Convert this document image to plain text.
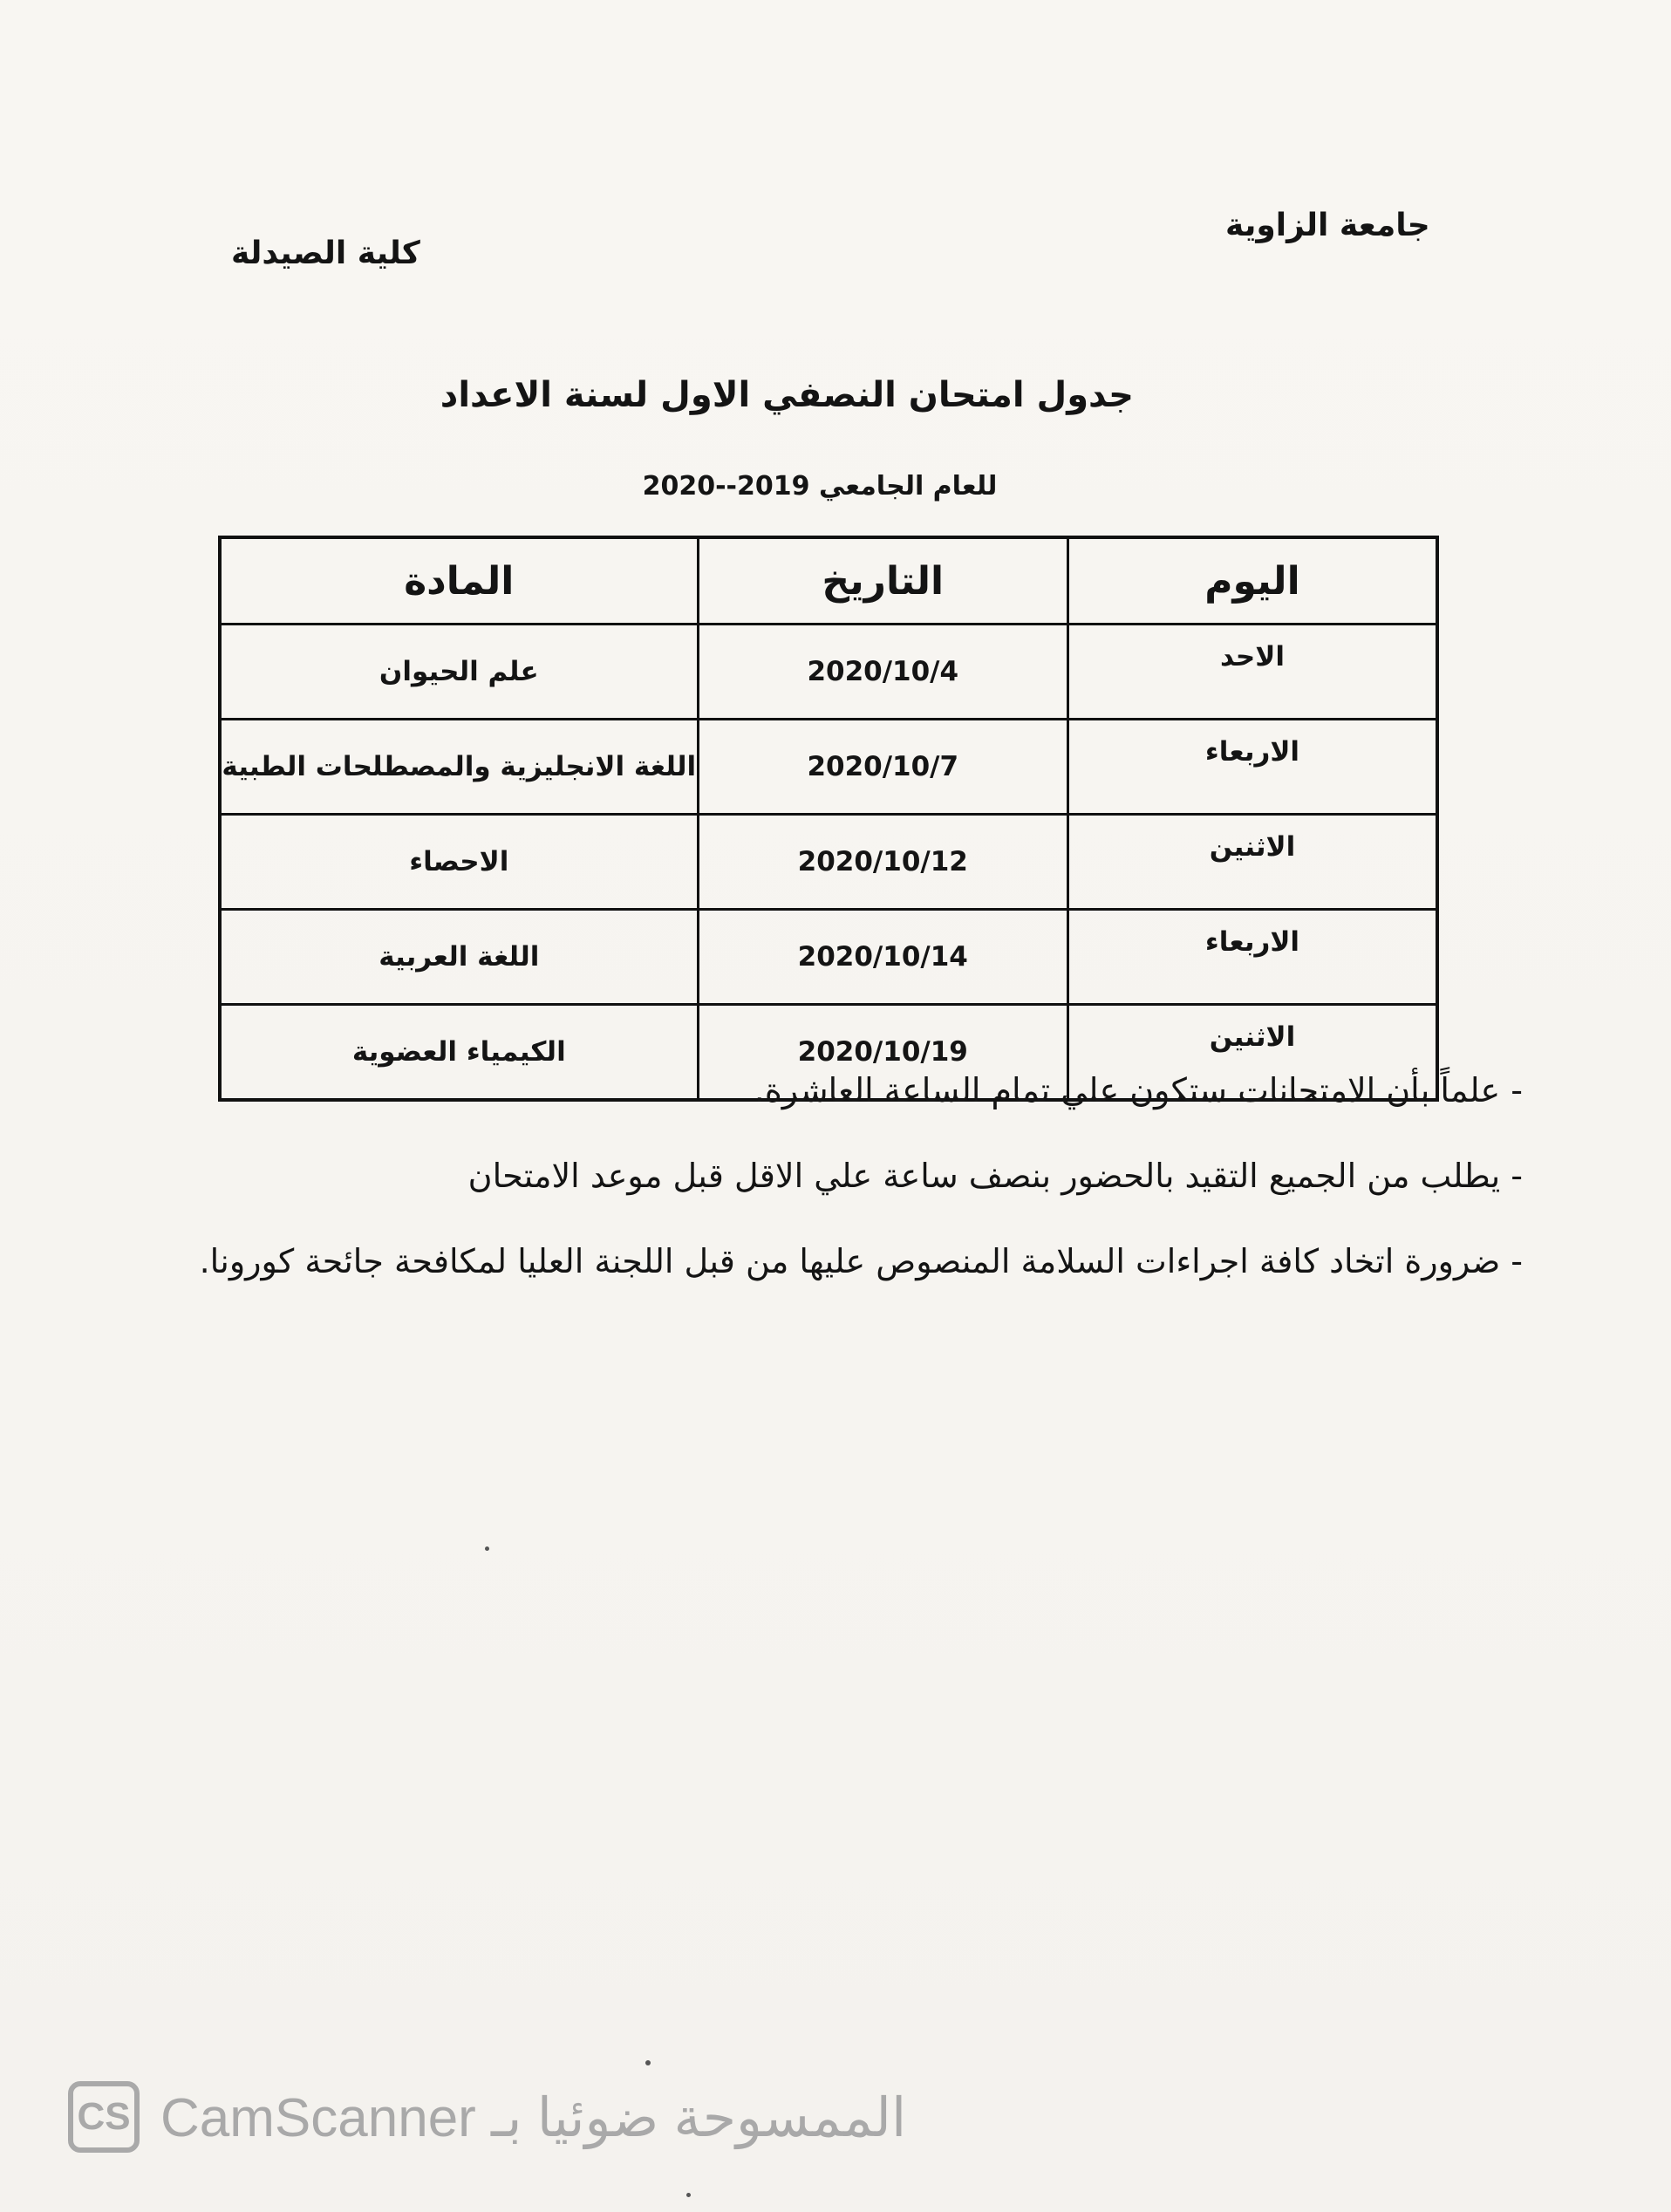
جامعة الزاوية
كلية الصيدلة
جدول امتحان النصفي الاول لسنة الاعداد
للعام الجامعي 2019--2020
اليوم	التاريخ	المادة
الاحد	2020/10/4	علم الحيوان
الاربعاء	2020/10/7	اللغة الانجليزية والمصطلحات الطبية
الاثنين	2020/10/12	الاحصاء
الاربعاء	2020/10/14	اللغة العربية
الاثنين	2020/10/19	الكيمياء العضوية

- علماً بأن الامتحانات ستكون علي تمام الساعة العاشرة.

- يطلب من الجميع التقيد بالحضور بنصف ساعة علي الاقل قبل موعد الامتحان

- ضرورة اتخاد كافة اجراءات السلامة المنصوص عليها من قبل اللجنة العليا لمكافحة جائحة كورونا.

CS الممسوحة ضوئيا بـ CamScanner
